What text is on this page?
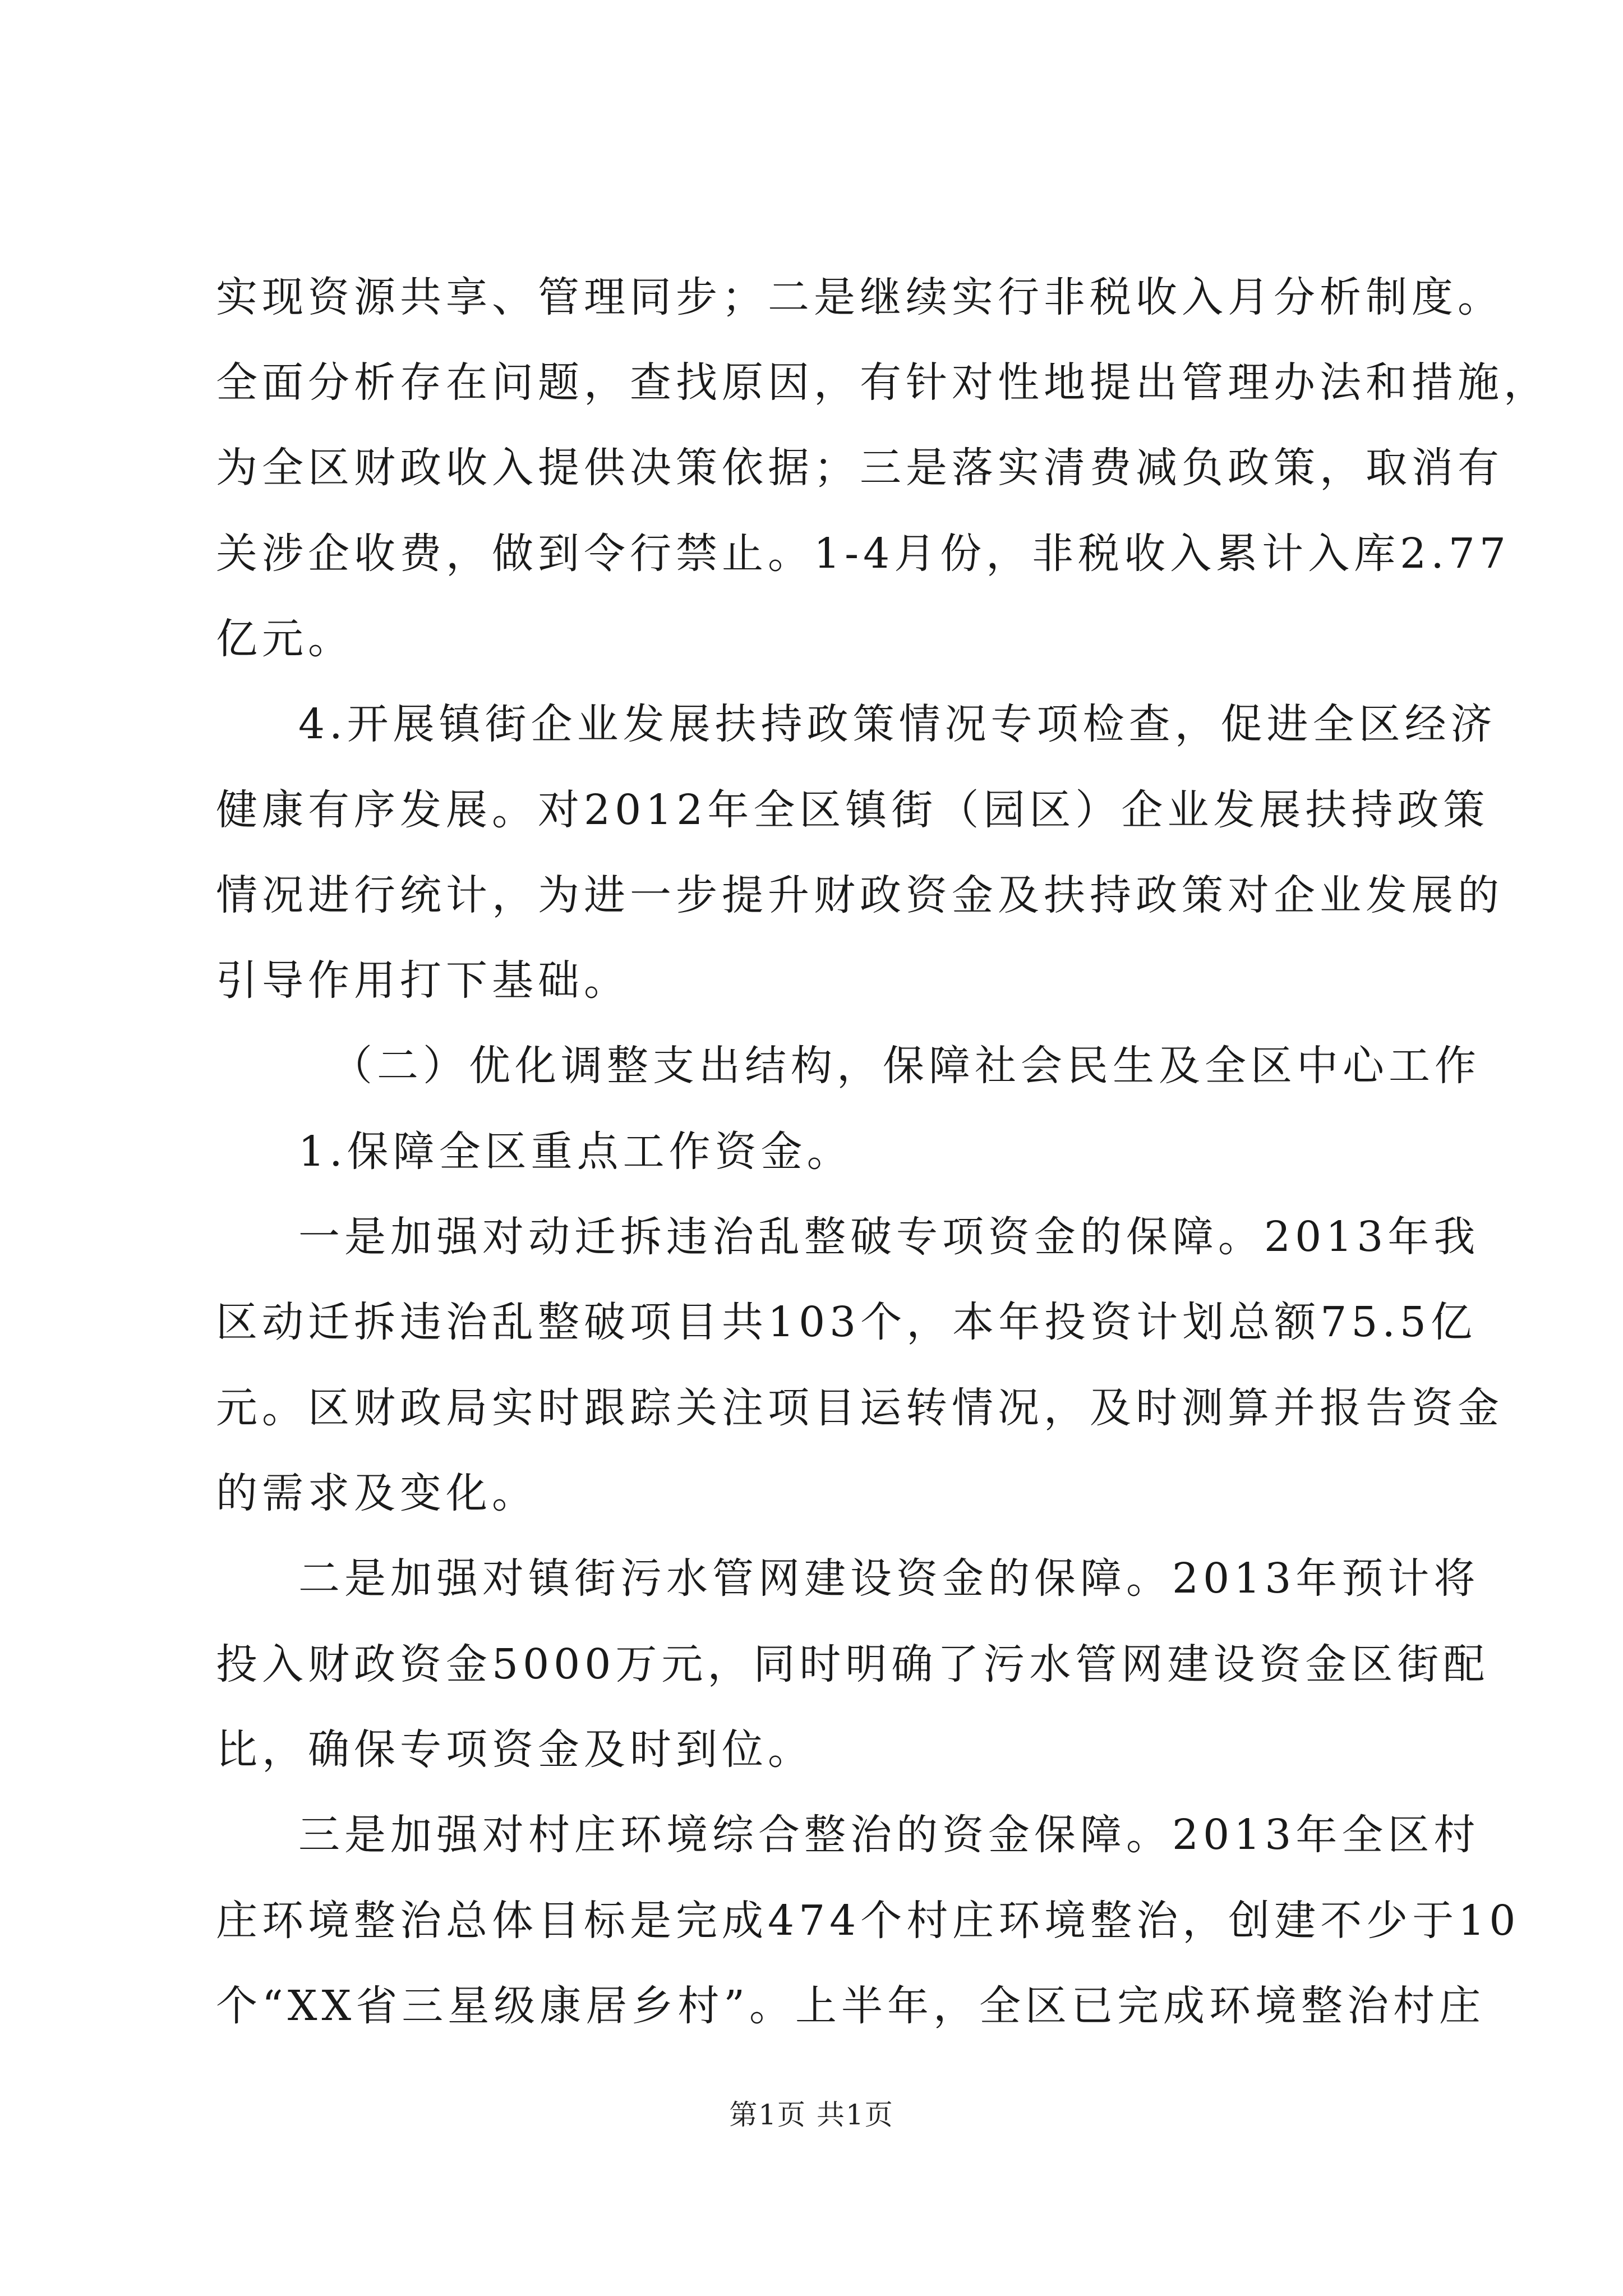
实现资源共享、管理同步；二是继续实行非税收入月分析制度。
全面分析存在问题，查找原因，有针对性地提出管理办法和措施，
为全区财政收入提供决策依据；三是落实清费减负政策，取消有
关涉企收费，做到令行禁止。1-4月份，非税收入累计入库2.77
亿元。
4.开展镇街企业发展扶持政策情况专项检查，促进全区经济
健康有序发展。对2012年全区镇街（园区）企业发展扶持政策
情况进行统计，为进一步提升财政资金及扶持政策对企业发展的
引导作用打下基础。
（二）优化调整支出结构，保障社会民生及全区中心工作
1.保障全区重点工作资金。
一是加强对动迁拆违治乱整破专项资金的保障。2013年我
区动迁拆违治乱整破项目共103个，本年投资计划总额75.5亿
元。区财政局实时跟踪关注项目运转情况，及时测算并报告资金
的需求及变化。
二是加强对镇街污水管网建设资金的保障。2013年预计将
投入财政资金5000万元，同时明确了污水管网建设资金区街配
比，确保专项资金及时到位。
三是加强对村庄环境综合整治的资金保障。2013年全区村
庄环境整治总体目标是完成474个村庄环境整治，创建不少于10
个“XX省三星级康居乡村”。上半年，全区已完成环境整治村庄
第1页 共1页
